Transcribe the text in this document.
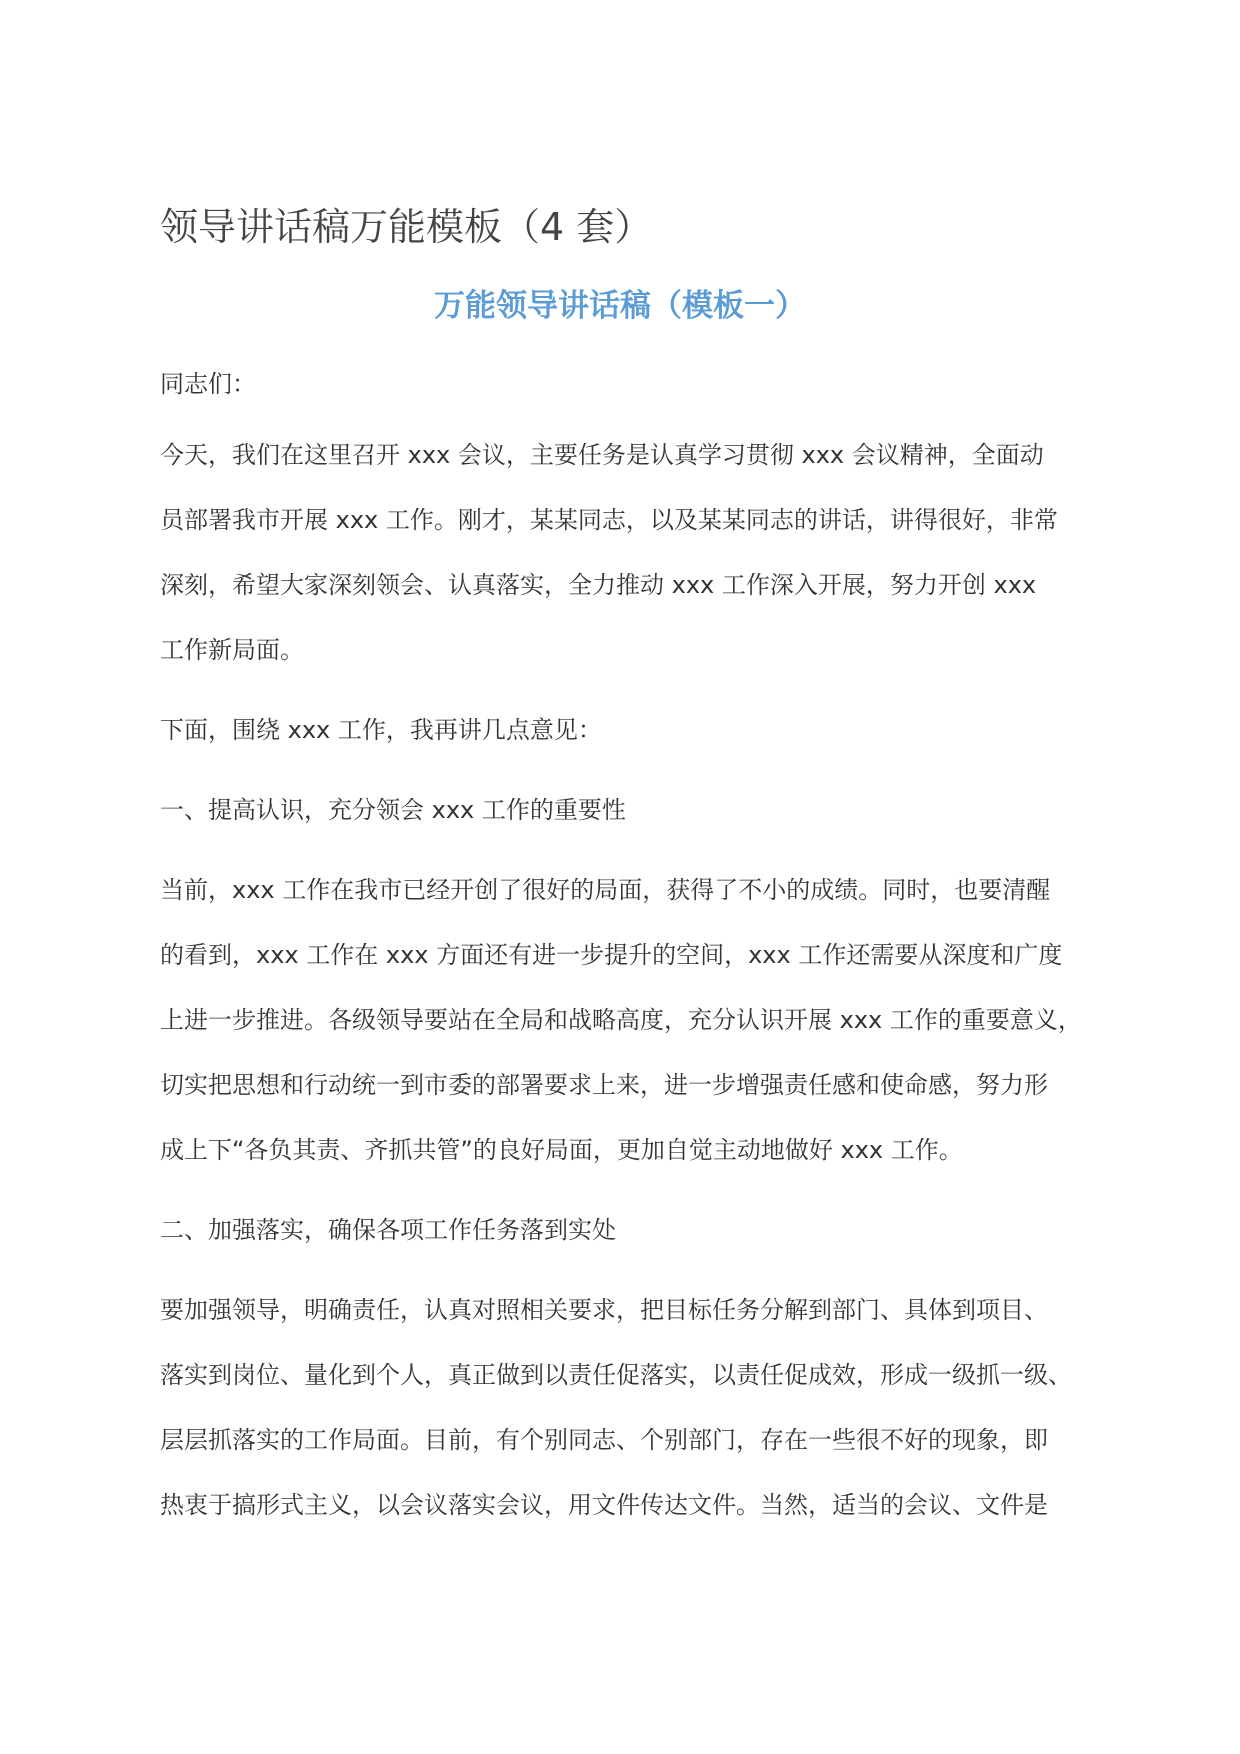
领导讲话稿万能模板（4 套）
万能领导讲话稿（模板一）

同志们：

今天，我们在这里召开 xxx 会议，主要任务是认真学习贯彻 xxx 会议精神，全面动

员部署我市开展 xxx 工作。刚才，某某同志，以及某某同志的讲话，讲得很好，非常

深刻，希望大家深刻领会、认真落实，全力推动 xxx 工作深入开展，努力开创 xxx

工作新局面。

下面，围绕 xxx 工作，我再讲几点意见：

一、提高认识，充分领会 xxx 工作的重要性

当前，xxx 工作在我市已经开创了很好的局面，获得了不小的成绩。同时，也要清醒

的看到，xxx 工作在 xxx 方面还有进一步提升的空间，xxx 工作还需要从深度和广度

上进一步推进。各级领导要站在全局和战略高度，充分认识开展 xxx 工作的重要意义，

切实把思想和行动统一到市委的部署要求上来，进一步增强责任感和使命感，努力形

成上下“各负其责、齐抓共管”的良好局面，更加自觉主动地做好 xxx 工作。

二、加强落实，确保各项工作任务落到实处

要加强领导，明确责任，认真对照相关要求，把目标任务分解到部门、具体到项目、

落实到岗位、量化到个人，真正做到以责任促落实，以责任促成效，形成一级抓一级、

层层抓落实的工作局面。目前，有个别同志、个别部门，存在一些很不好的现象，即

热衷于搞形式主义，以会议落实会议，用文件传达文件。当然，适当的会议、文件是
